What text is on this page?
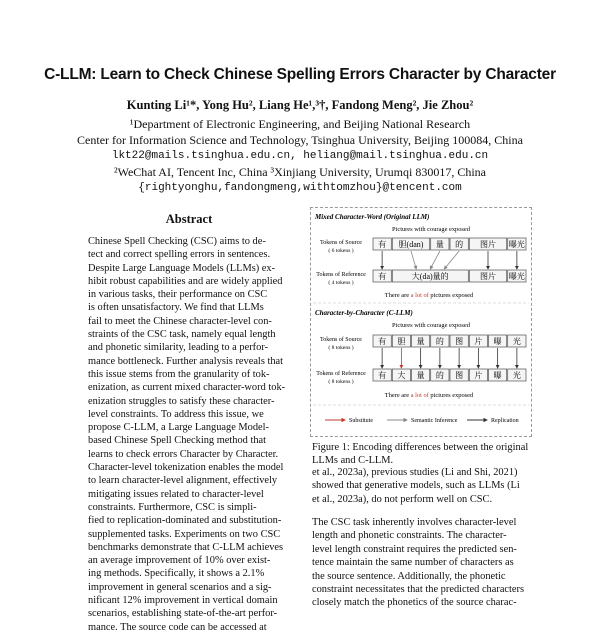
C-LLM: Learn to Check Chinese Spelling Errors Character by Character
Kunting Li¹*, Yong Hu², Liang He¹,³†, Fandong Meng², Jie Zhou²
¹Department of Electronic Engineering, and Beijing National Research
Center for Information Science and Technology, Tsinghua University, Beijing 100084, China
lkt22@mails.tsinghua.edu.cn, heliang@mail.tsinghua.edu.cn
²WeChat AI, Tencent Inc, China ³Xinjiang University, Urumqi 830017, China
{rightyonghu,fandongmeng,withtomzhou}@tencent.com
Abstract
Chinese Spell Checking (CSC) aims to de-
tect and correct spelling errors in sentences.
Despite Large Language Models (LLMs) ex-
hibit robust capabilities and are widely applied
in various tasks, their performance on CSC
is often unsatisfactory. We find that LLMs
fail to meet the Chinese character-level con-
straints of the CSC task, namely equal length
and phonetic similarity, leading to a perfor-
mance bottleneck. Further analysis reveals that
this issue stems from the granularity of tok-
enization, as current mixed character-word tok-
enization struggles to satisfy these character-
level constraints. To address this issue, we
propose C-LLM, a Large Language Model-
based Chinese Spell Checking method that
learns to check errors Character by Character.
Character-level tokenization enables the model
to learn character-level alignment, effectively
mitigating issues related to character-level
constraints. Furthermore, CSC is simpli-
fied to replication-dominated and substitution-
supplemented tasks. Experiments on two CSC
benchmarks demonstrate that C-LLM achieves
an average improvement of 10% over exist-
ing methods. Specifically, it shows a 2.1%
improvement in general scenarios and a sig-
nificant 12% improvement in vertical domain
scenarios, establishing state-of-the-art perfor-
mance. The source code can be accessed at
Mixed Character-Word (Original LLM)
Pictures with courage exposed
Tokens of Source
( 6 tokens )
有 胆(dan) 量 的 图片 曝光
Tokens of Reference
( 4 tokens )
有	大(da)量的	图片 曝光
There are a lot of pictures exposed
Character-by-Character (C-LLM)
Pictures with courage exposed
Tokens of Source
( 8 tokens )
有 胆 量 的 图 片 曝 光
Tokens of Reference
( 8 tokens )
有 大 量 的 图 片 曝 光
There are a lot of pictures exposed
Substitute	Semantic Inference	Replication
Figure 1: Encoding differences between the original
LLMs and C-LLM.
et al., 2023a), previous studies (Li and Shi, 2021)
showed that generative models, such as LLMs (Li
et al., 2023a), do not perform well on CSC.
The CSC task inherently involves character-level
length and phonetic constraints. The character-
level length constraint requires the predicted sen-
tence maintain the same number of characters as
the source sentence. Additionally, the phonetic
constraint necessitates that the predicted characters
closely match the phonetics of the source charac-
